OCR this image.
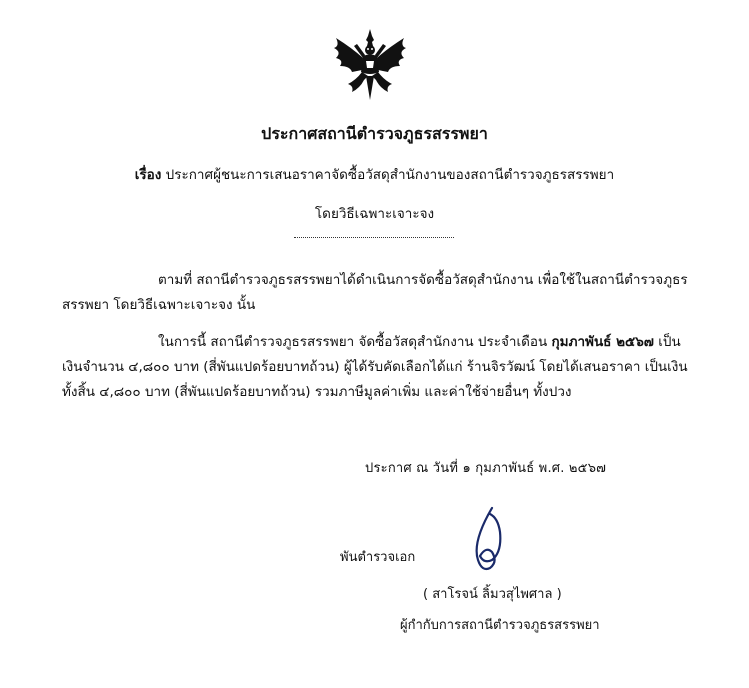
ประกาศสถานีตำรวจภูธรสรรพยา
เรื่อง ประกาศผู้ชนะการเสนอราคาจัดซื้อวัสดุสำนักงานของสถานีตำรวจภูธรสรรพยา
โดยวิธีเฉพาะเจาะจง
ตามที่ สถานีตำรวจภูธรสรรพยาได้ดำเนินการจัดซื้อวัสดุสำนักงาน เพื่อใช้ในสถานีตำรวจภูธร
สรรพยา โดยวิธีเฉพาะเจาะจง นั้น
ในการนี้ สถานีตำรวจภูธรสรรพยา จัดซื้อวัสดุสำนักงาน ประจำเดือน กุมภาพันธ์ ๒๕๖๗ เป็น
เงินจำนวน ๔,๘๐๐ บาท (สี่พันแปดร้อยบาทถ้วน) ผู้ได้รับคัดเลือกได้แก่ ร้านจิรวัฒน์ โดยได้เสนอราคา เป็นเงิน
ทั้งสิ้น ๔,๘๐๐ บาท (สี่พันแปดร้อยบาทถ้วน) รวมภาษีมูลค่าเพิ่ม และค่าใช้จ่ายอื่นๆ ทั้งปวง
ประกาศ ณ วันที่ ๑ กุมภาพันธ์ พ.ศ. ๒๕๖๗
พันตำรวจเอก
( สาโรจน์ ลิ้มวสุไพศาล )
ผู้กำกับการสถานีตำรวจภูธรสรรพยา
